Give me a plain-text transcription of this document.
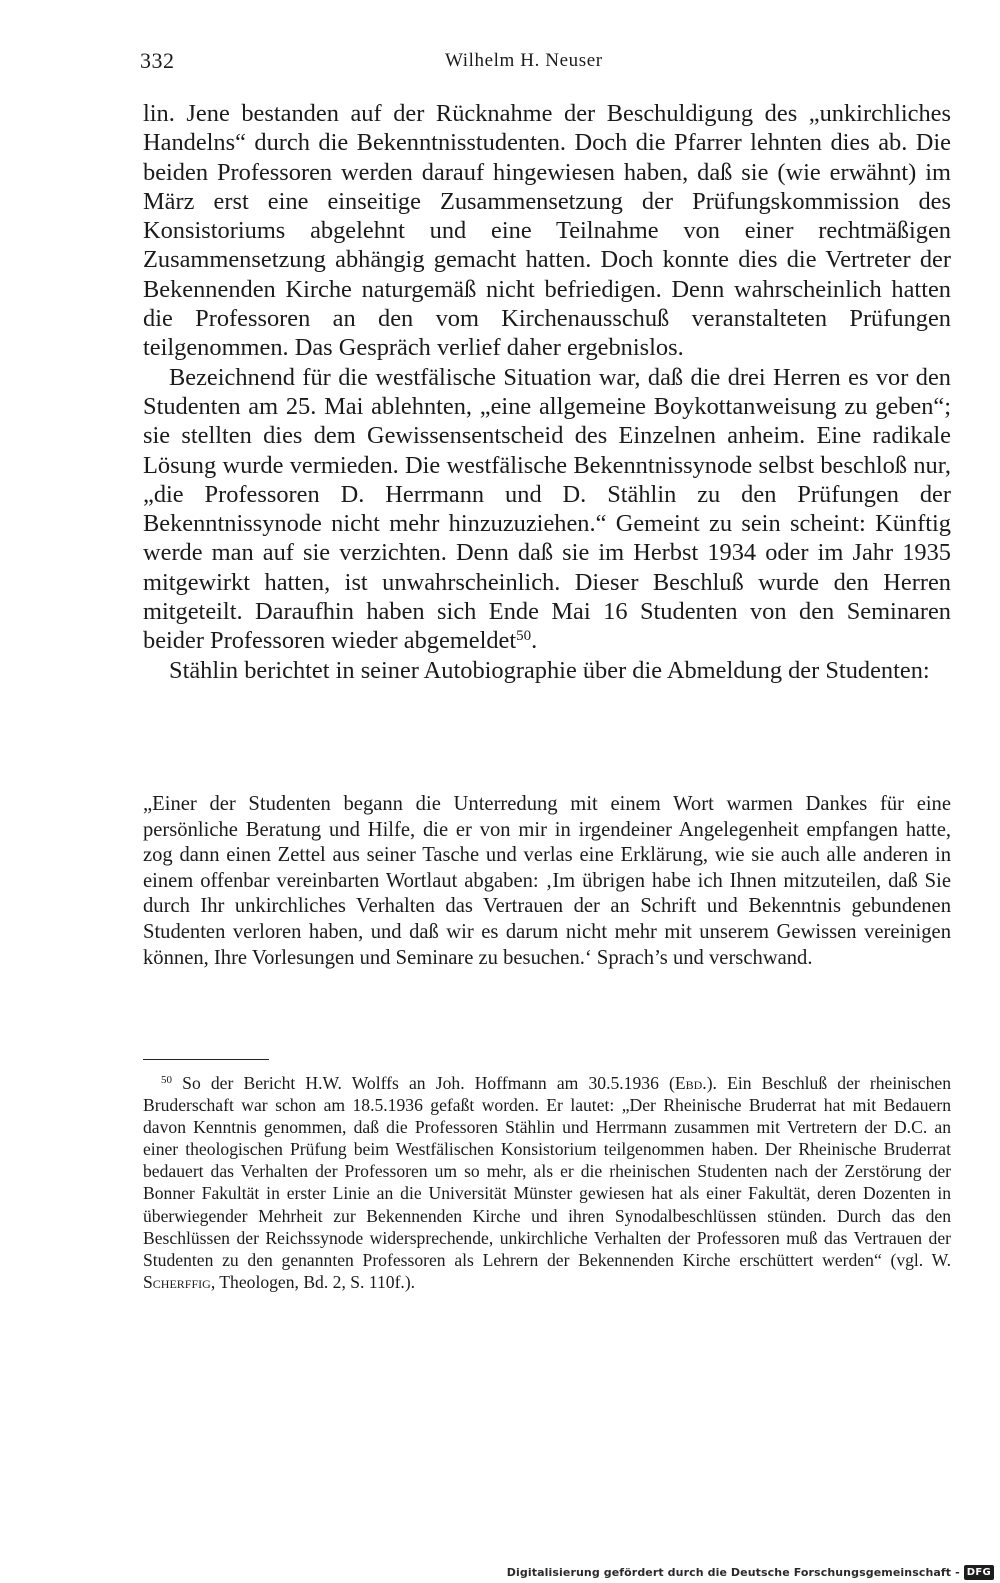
332	Wilhelm H. Neuser

lin. Jene bestanden auf der Rücknahme der Beschuldigung des „unkirchliches Handelns“ durch die Bekenntnisstudenten. Doch die Pfarrer lehnten dies ab. Die beiden Professoren werden darauf hingewiesen haben, daß sie (wie erwähnt) im März erst eine einseitige Zusammensetzung der Prüfungskommission des Konsistoriums abgelehnt und eine Teilnahme von einer rechtmäßigen Zusammensetzung abhängig gemacht hatten. Doch konnte dies die Vertreter der Bekennenden Kirche naturgemäß nicht befriedigen. Denn wahrscheinlich hatten die Professoren an den vom Kirchenausschuß veranstalteten Prüfungen teilgenommen. Das Gespräch verlief daher ergebnislos.

Bezeichnend für die westfälische Situation war, daß die drei Herren es vor den Studenten am 25. Mai ablehnten, „eine allgemeine Boykottanweisung zu geben“; sie stellten dies dem Gewissensentscheid des Einzelnen anheim. Eine radikale Lösung wurde vermieden. Die westfälische Bekenntnissynode selbst beschloß nur, „die Professoren D. Herrmann und D. Stählin zu den Prüfungen der Bekenntnissynode nicht mehr hinzuzuziehen.“ Gemeint zu sein scheint: Künftig werde man auf sie verzichten. Denn daß sie im Herbst 1934 oder im Jahr 1935 mitgewirkt hatten, ist unwahrscheinlich. Dieser Beschluß wurde den Herren mitgeteilt. Daraufhin haben sich Ende Mai 16 Studenten von den Seminaren beider Professoren wieder abgemeldet$^{50}$.

Stählin berichtet in seiner Autobiographie über die Abmeldung der Studenten:

„Einer der Studenten begann die Unterredung mit einem Wort warmen Dankes für eine persönliche Beratung und Hilfe, die er von mir in irgendeiner Angelegenheit empfangen hatte, zog dann einen Zettel aus seiner Tasche und verlas eine Erklärung, wie sie auch alle anderen in einem offenbar vereinbarten Wortlaut abgaben: ‚Im übrigen habe ich Ihnen mitzuteilen, daß Sie durch Ihr unkirchliches Verhalten das Vertrauen der an Schrift und Bekenntnis gebundenen Studenten verloren haben, und daß wir es darum nicht mehr mit unserem Gewissen vereinigen können, Ihre Vorlesungen und Seminare zu besuchen.‘ Sprach’s und verschwand.

$^{50}$ So der Bericht H.W. Wolffs an Joh. Hoffmann am 30.5.1936 (Ebd.). Ein Beschluß der rheinischen Bruderschaft war schon am 18.5.1936 gefaßt worden. Er lautet: „Der Rheinische Bruderrat hat mit Bedauern davon Kenntnis genommen, daß die Professoren Stählin und Herrmann zusammen mit Vertretern der D.C. an einer theologischen Prüfung beim Westfälischen Konsistorium teilgenommen haben. Der Rheinische Bruderrat bedauert das Verhalten der Professoren um so mehr, als er die rheinischen Studenten nach der Zerstörung der Bonner Fakultät in erster Linie an die Universität Münster gewiesen hat als einer Fakultät, deren Dozenten in überwiegender Mehrheit zur Bekennenden Kirche und ihren Synodalbeschlüssen stünden. Durch das den Beschlüssen der Reichssynode widersprechende, unkirchliche Verhalten der Professoren muß das Vertrauen der Studenten zu den genannten Professoren als Lehrern der Bekennenden Kirche erschüttert werden“ (vgl. W. Scherffig, Theologen, Bd. 2, S. 110f.).

Digitalisierung gefördert durch die Deutsche Forschungsgemeinschaft - DFG
